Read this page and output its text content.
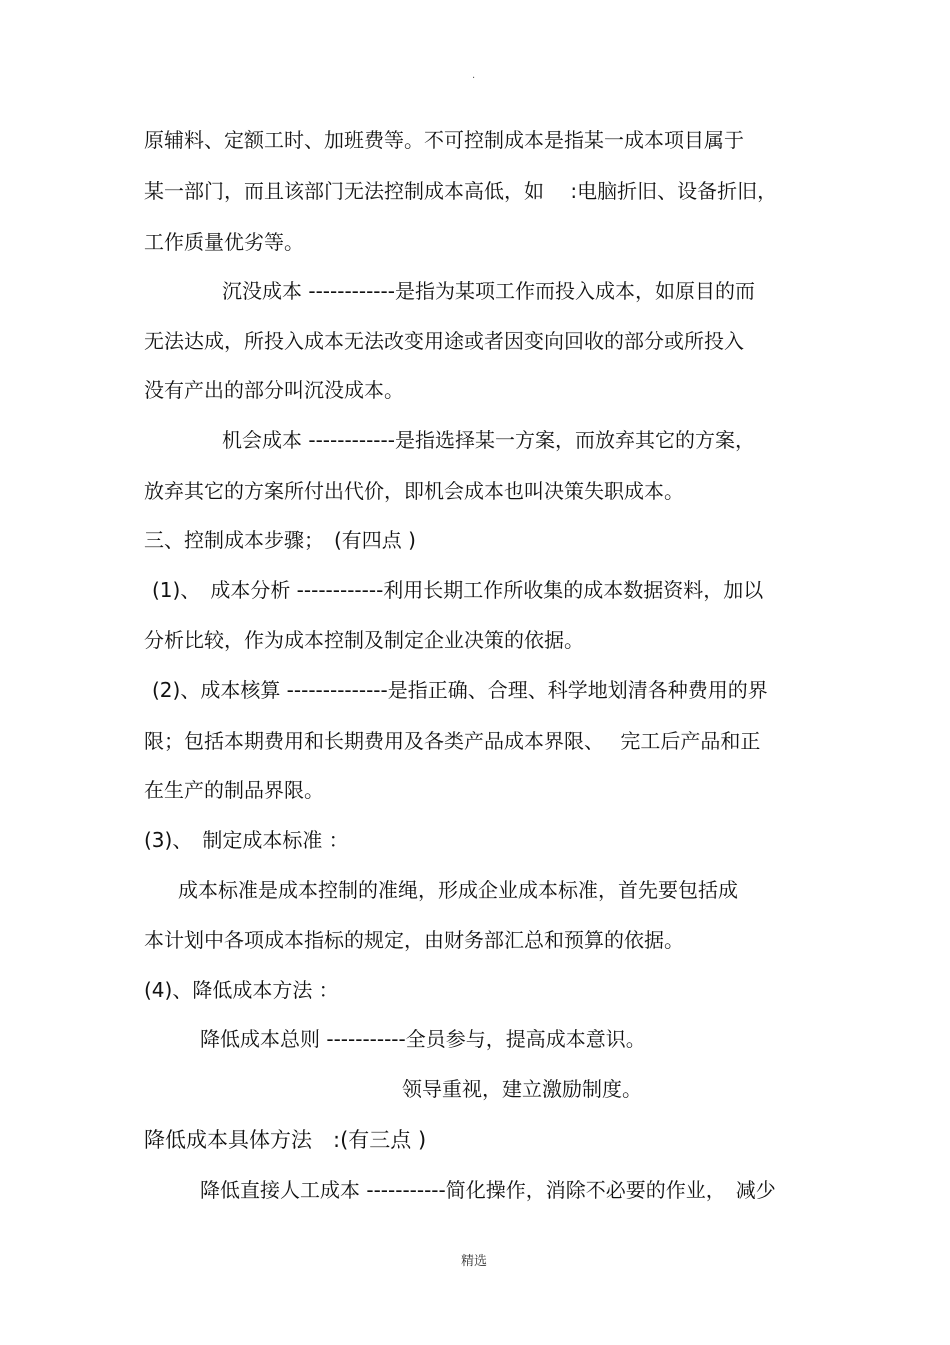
.
原辅料、定额工时、加班费等。不可控制成本是指某一成本项目属于
某一部门，而且该部门无法控制成本高低，如　 :电脑折旧、设备折旧，
工作质量优劣等。
沉没成本 ------------是指为某项工作而投入成本，如原目的而
无法达成，所投入成本无法改变用途或者因变向回收的部分或所投入
没有产出的部分叫沉没成本。
机会成本 ------------是指选择某一方案，而放弃其它的方案，
放弃其它的方案所付出代价，即机会成本也叫决策失职成本。
三、控制成本步骤；　(有四点 )
(1)、　成本分析 ------------利用长期工作所收集的成本数据资料，加以
分析比较，作为成本控制及制定企业决策的依据。
(2)、成本核算 --------------是指正确、合理、科学地划清各种费用的界
限；包括本期费用和长期费用及各类产品成本界限、　 完工后产品和正
在生产的制品界限。
(3)、　制定成本标准 ：
成本标准是成本控制的准绳，形成企业成本标准，首先要包括成
本计划中各项成本指标的规定，由财务部汇总和预算的依据。
(4)、降低成本方法 ：
降低成本总则 -----------全员参与，提高成本意识。
领导重视，建立激励制度。
降低成本具体方法　:(有三点 )
降低直接人工成本 -----------简化操作，消除不必要的作业，　减少
精选
